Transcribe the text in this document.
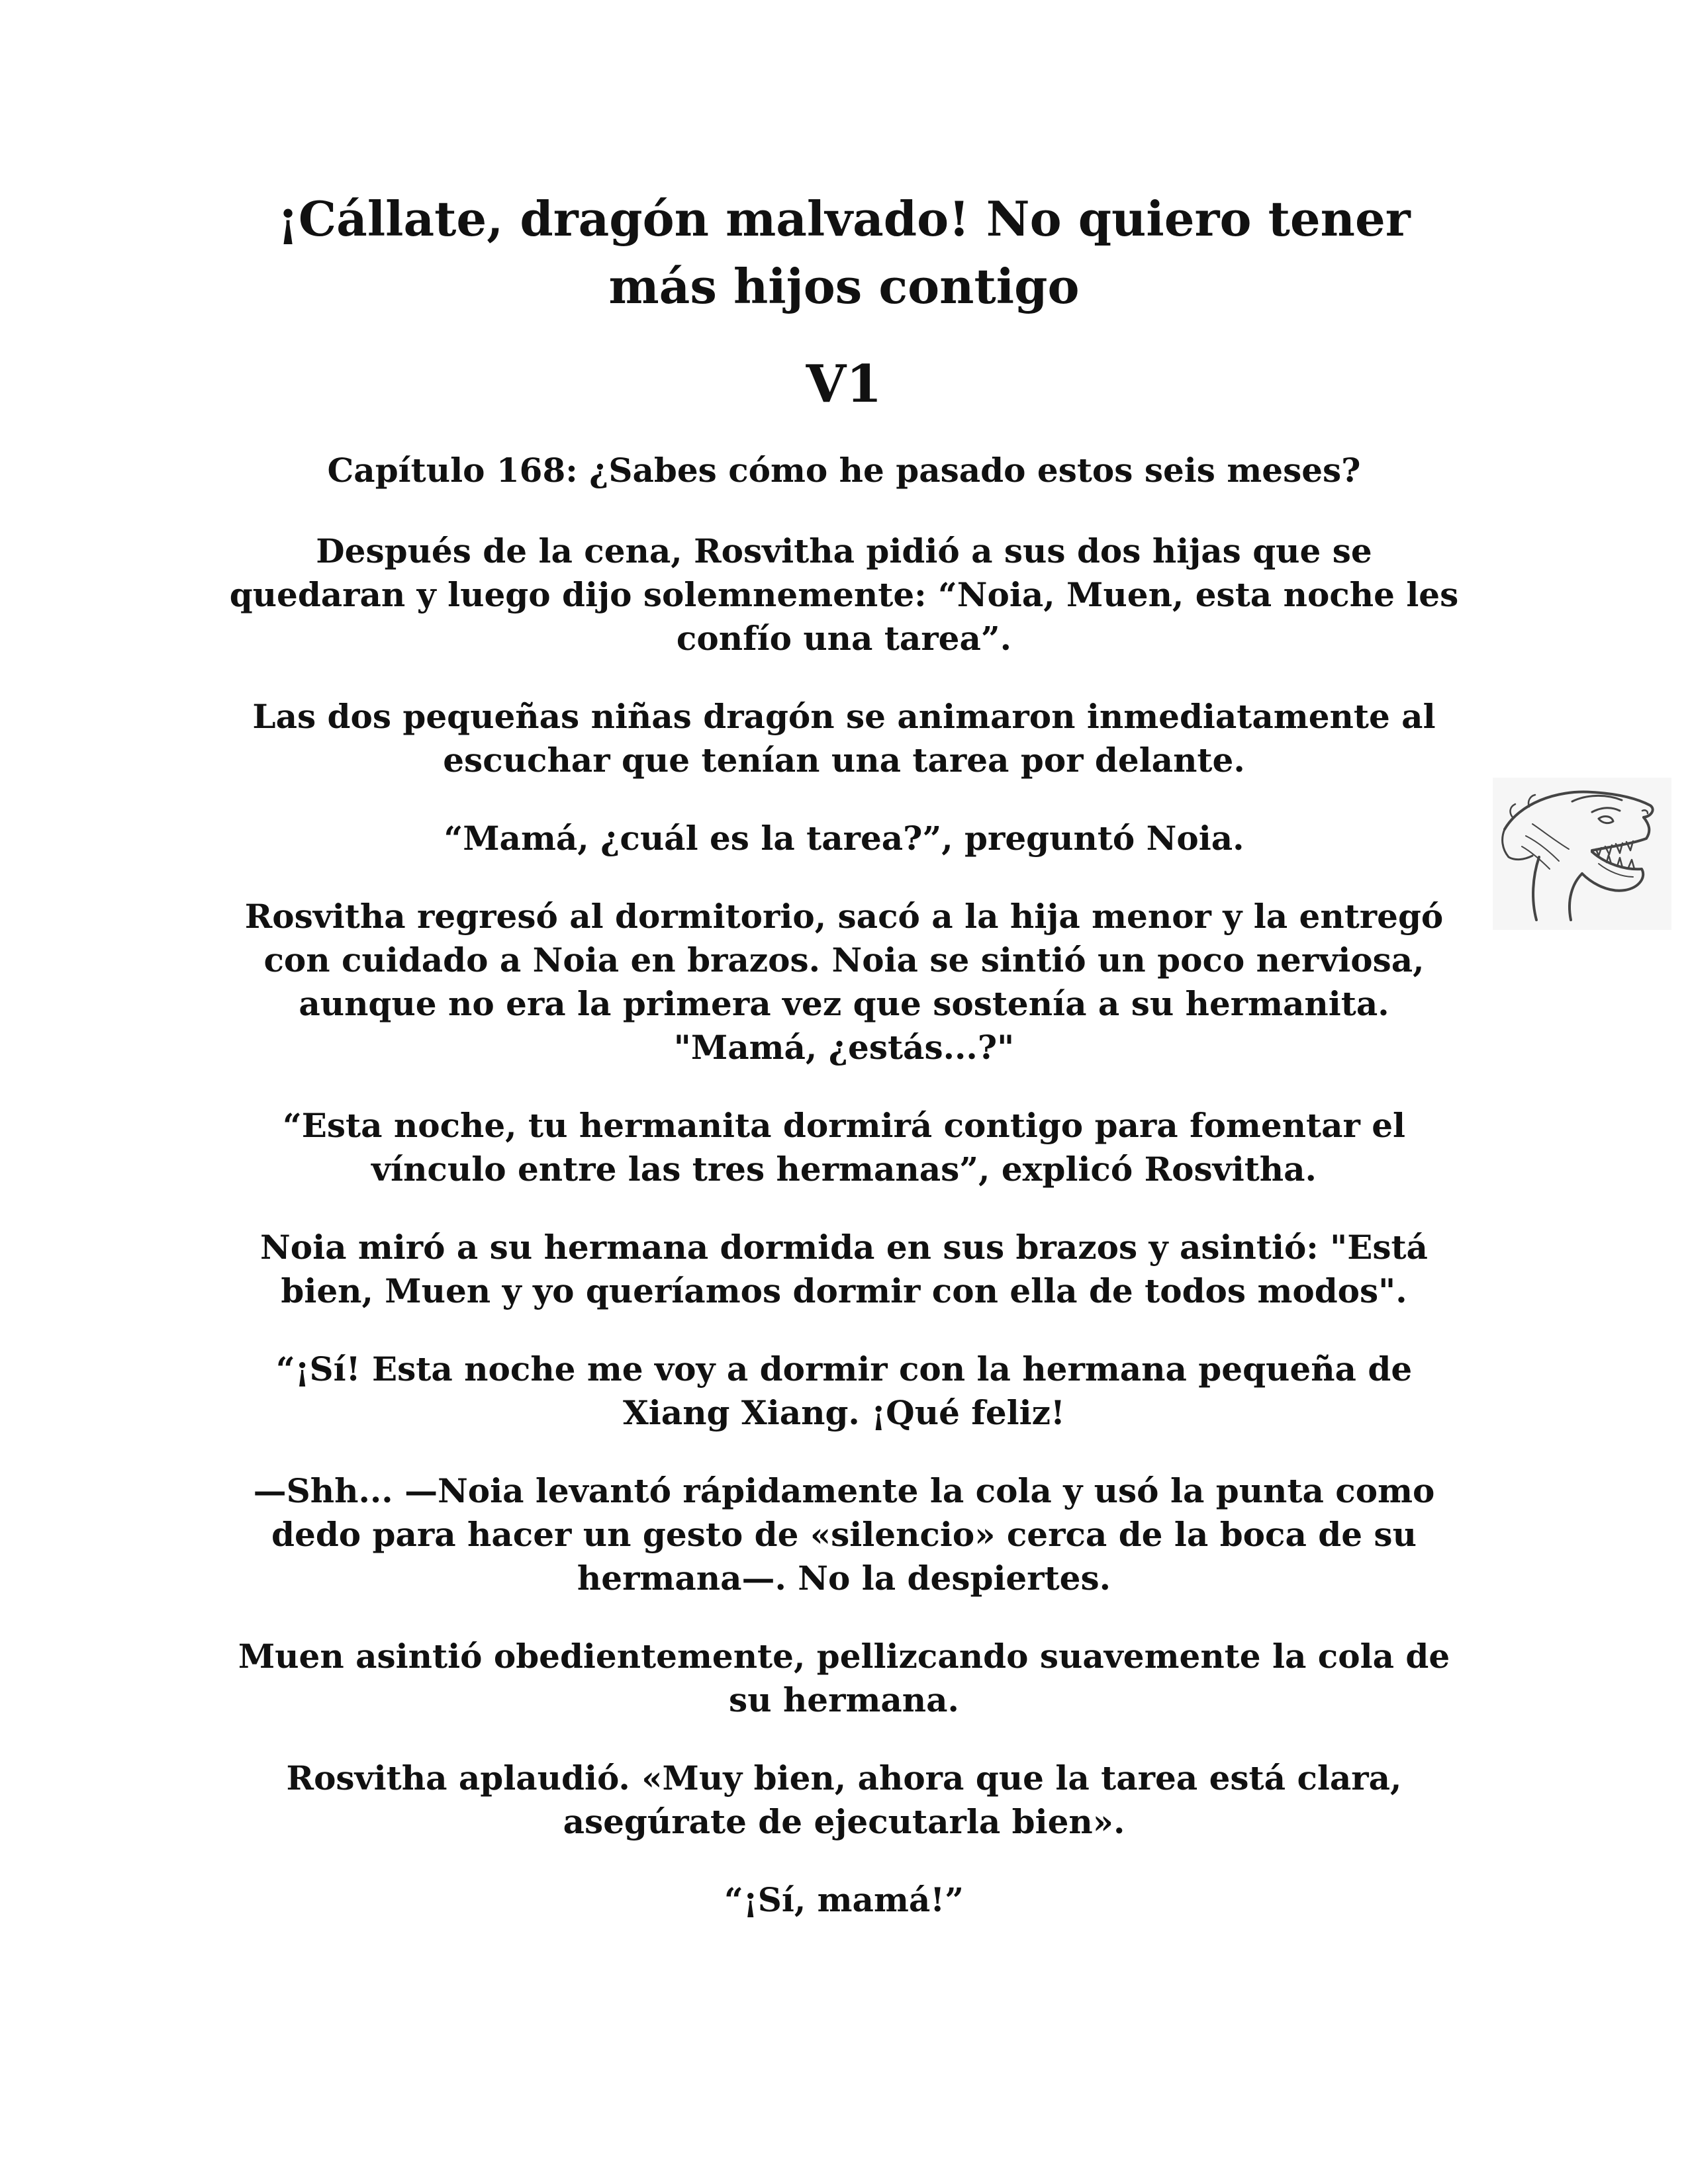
¡Cállate, dragón malvado! No quiero tener más hijos contigo
V1
Capítulo 168: ¿Sabes cómo he pasado estos seis meses?

Después de la cena, Rosvitha pidió a sus dos hijas que se quedaran y luego dijo solemnemente: “Noia, Muen, esta noche les confío una tarea”.

Las dos pequeñas niñas dragón se animaron inmediatamente al escuchar que tenían una tarea por delante.

“Mamá, ¿cuál es la tarea?”, preguntó Noia.

Rosvitha regresó al dormitorio, sacó a la hija menor y la entregó con cuidado a Noia en brazos. Noia se sintió un poco nerviosa, aunque no era la primera vez que sostenía a su hermanita. "Mamá, ¿estás...?"

“Esta noche, tu hermanita dormirá contigo para fomentar el vínculo entre las tres hermanas”, explicó Rosvitha.

Noia miró a su hermana dormida en sus brazos y asintió: "Está bien, Muen y yo queríamos dormir con ella de todos modos".

“¡Sí! Esta noche me voy a dormir con la hermana pequeña de Xiang Xiang. ¡Qué feliz!

—Shh... —Noia levantó rápidamente la cola y usó la punta como dedo para hacer un gesto de «silencio» cerca de la boca de su hermana—. No la despiertes.

Muen asintió obedientemente, pellizcando suavemente la cola de su hermana.

Rosvitha aplaudió. «Muy bien, ahora que la tarea está clara, asegúrate de ejecutarla bien».

“¡Sí, mamá!”
